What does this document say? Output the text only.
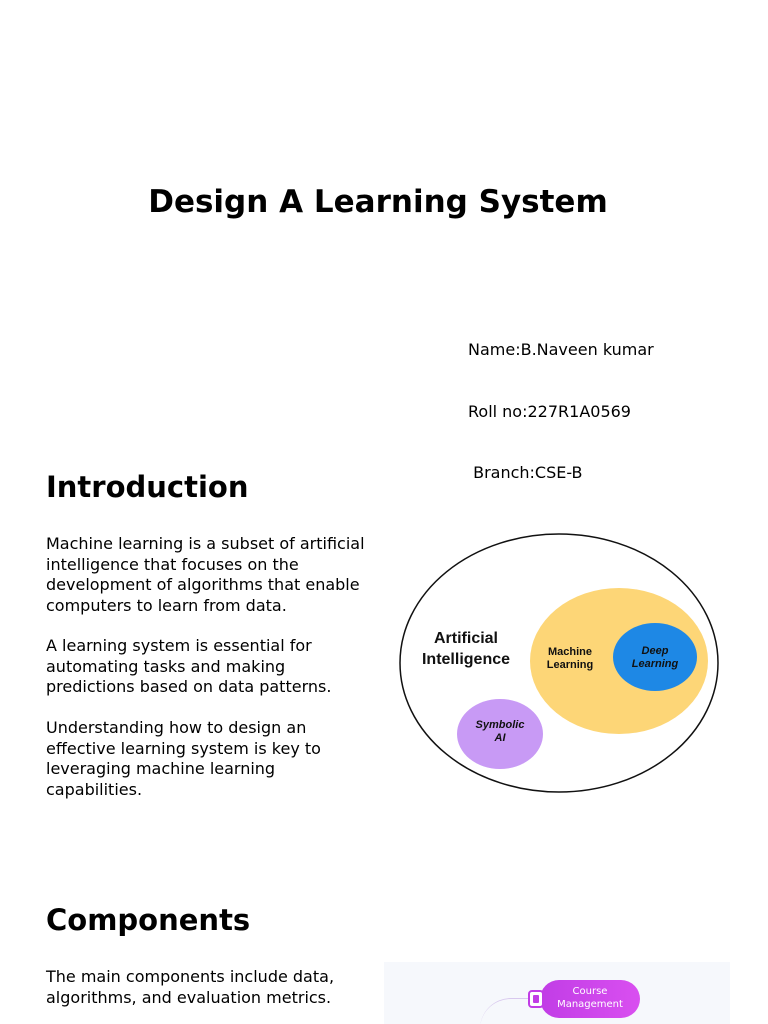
Design A Learning System

Name:B.Naveen kumar

Roll no:227R1A0569

Branch:CSE-B

Introduction

Machine learning is a subset of artificial intelligence that focuses on the development of algorithms that enable computers to learn from data.

A learning system is essential for automating tasks and making predictions based on data patterns.

Understanding how to design an effective learning system is key to leveraging machine learning capabilities.

Artificial
Intelligence	Machine
Learning
Deep
Learning
Symbolic
AI
Components

The main components include data, algorithms, and evaluation metrics.	Course
Management
